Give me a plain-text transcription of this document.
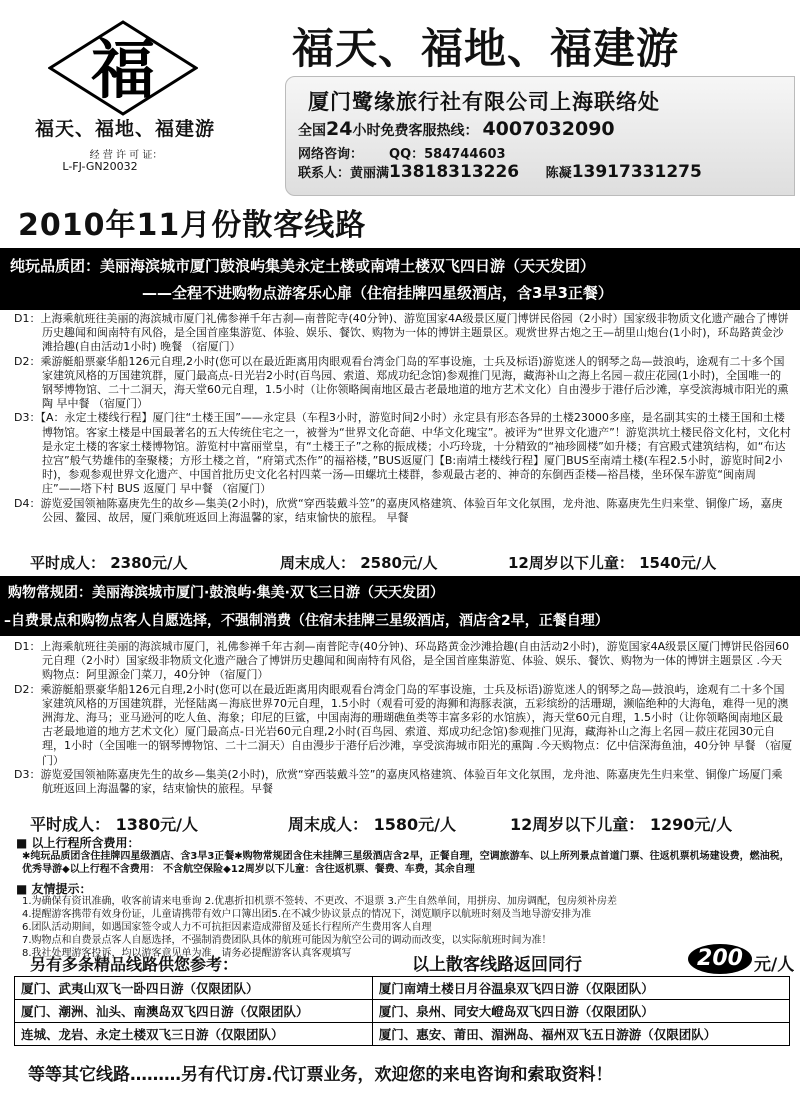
福
福天、福地、福建游
经 营 许 可 证：
L-FJ-GN20032
福天、福地、福建游
厦门鹭缘旅行社有限公司上海联络处
全国24小时免费客服热线： 4007032090
网络咨询： QQ：584744603
联系人：黄丽满13818313226 陈凝13917331275
2010年11月份散客线路
纯玩品质团：美丽海滨城市厦门鼓浪屿集美永定土楼或南靖土楼双飞四日游（天天发团）
——全程不进购物点游客乐心扉（住宿挂牌四星级酒店，含3早3正餐）
D1：上海乘航班往美丽的海滨城市厦门礼佛参禅千年古刹—南普陀寺(40分钟)、游览国家4A级景区厦门博饼民俗园（2小时）国家级非物质文化遗产融合了博饼历史趣闻和闽南特有风俗，是全国首座集游览、体验、娱乐、餐饮、购物为一体的博饼主题景区。观赏世界古炮之王—胡里山炮台(1小时)，环岛路黄金沙滩拾趣(自由活动1小时) 晚餐 （宿厦门）
D2：乘游艇船票豪华船126元自理,2小时(您可以在最近距离用肉眼观看台湾金门岛的军事设施，士兵及标语)游览迷人的钢琴之岛—鼓浪屿，途观有二十多个国家建筑风格的万国建筑群，厦门最高点-日光岩2小时(百鸟园、索道、郑成功纪念馆)参观推门见海，藏海补山之海上名园－菽庄花园(1小时)，全国唯一的钢琴博物馆、二十二洞天，海天堂60元自理，1.5小时（让你领略闽南地区最古老最地道的地方艺术文化）自由漫步于港仔后沙滩，享受滨海城市阳光的熏陶 早中餐 （宿厦门）
D3：【A：永定土楼线行程】厦门往“土楼王国”——永定县（车程3小时，游览时间2小时）永定县有形态各异的土楼23000多座，是名副其实的土楼王国和土楼博物馆。客家土楼是中国最著名的五大传统住宅之一，被誉为“世界文化奇葩、中华文化瑰宝”。被评为“世界文化遗产”！游览洪坑土楼民俗文化村，文化村是永定土楼的客家土楼博物馆。游览村中富丽堂皇，有“土楼王子”之称的振成楼；小巧玲珑，十分精致的“袖珍圆楼”如升楼；有宫殿式建筑结构，如“布达拉宫”般气势雄伟的奎聚楼；方形土楼之首，“府第式杰作”的福裕楼，”BUS返厦门【B:南靖土楼线行程】厦门BUS至南靖土楼(车程2.5小时，游览时间2小时)，参观参观世界文化遗产、中国首批历史文化名村四菜一汤—田螺坑土楼群，参观最古老的、神奇的东倒西歪楼—裕昌楼，坐环保车游览“闽南周庄”——塔下村 BUS 返厦门 早中餐 （宿厦门）
D4：游览爱国领袖陈嘉庚先生的故乡—集美(2小时)，欣赏“穿西装戴斗笠”的嘉庚风格建筑、体验百年文化氛围，龙舟池、陈嘉庚先生归来堂、铜像广场，嘉庚公园、鳌园、故居，厦门乘航班返回上海温馨的家，结束愉快的旅程。 早餐
平时成人： 2380元/人	周末成人： 2580元/人	12周岁以下儿童： 1540元/人
购物常规团：美丽海滨城市厦门·鼓浪屿·集美·双飞三日游（天天发团）
–自费景点和购物点客人自愿选择，不强制消费（住宿未挂牌三星级酒店，酒店含2早，正餐自理）
D1：上海乘航班往美丽的海滨城市厦门，礼佛参禅千年古刹—南普陀寺(40分钟)、环岛路黄金沙滩拾趣(自由活动2小时)，游览国家4A级景区厦门博饼民俗园60元自理（2小时）国家级非物质文化遗产融合了博饼历史趣闻和闽南特有风俗，是全国首座集游览、体验、娱乐、餐饮、购物为一体的博饼主题景区 .今天购物点：阿里源金门菜刀，40分钟 （宿厦门）
D2：乘游艇船票豪华船126元自理,2小时(您可以在最近距离用肉眼观看台湾金门岛的军事设施，士兵及标语)游览迷人的钢琴之岛—鼓浪屿，途观有二十多个国家建筑风格的万国建筑群，光怪陆离－海底世界70元自理，1.5小时（观看可爱的海狮和海豚表演，五彩缤纷的活珊瑚，濒临绝种的大海龟，难得一见的澳洲海龙、海马；亚马逊河的吃人鱼、海象；印尼的巨鲨，中国南海的珊瑚礁鱼类等丰富多彩的水馆族），海天堂60元自理，1.5小时（让你领略闽南地区最古老最地道的地方艺术文化）厦门最高点-日光岩60元自理,2小时(百鸟园、索道、郑成功纪念馆)参观推门见海，藏海补山之海上名园－菽庄花园30元自理，1小时（全国唯一的钢琴博物馆、二十二洞天）自由漫步于港仔后沙滩，享受滨海城市阳光的熏陶 .今天购物点：亿中信深海鱼油，40分钟 早餐 （宿厦门）
D3：游览爱国领袖陈嘉庚先生的故乡—集美(2小时)，欣赏“穿西装戴斗笠”的嘉庚风格建筑、体验百年文化氛围，龙舟池、陈嘉庚先生归来堂、铜像广场厦门乘航班返回上海温馨的家，结束愉快的旅程。早餐
平时成人： 1380元/人	周末成人： 1580元/人	12周岁以下儿童： 1290元/人
■ 以上行程所含费用：
✱纯玩品质团含住挂牌四星级酒店、含3早3正餐✱购物常规团含住未挂牌三星级酒店含2早，正餐自理，空调旅游车、以上所列景点首道门票、往返机票机场建设费，燃油税，优秀导游◆以上行程不含费用： 不含航空保险◆12周岁以下儿童：含往返机票、餐费、车费，其余自理
■ 友情提示：
1.为确保有资讯准确，收客前请来电垂询 2.优惠折扣机票不签转、不更改、不退票 3.产生自然单间，用拼房、加房调配，包房须补房差
4.提醒游客携带有效身份证，儿童请携带有效户口簿出团5.在不减少协议景点的情况下，浏览顺序以航班时刻及当地导游安排为准
6.团队活动期间，如遇国家签令或人力不可抗拒因素造成滞留及延长行程所产生费用客人自理
7.购物点和自费景点客人自愿选择，不强制消费团队具体的航班可能因为航空公司的调动而改变，以实际航班时间为准！
8.我社处理游客投诉，均以游客意见单为准，请务必提醒游客认真客观填写
另有多条精品线路供您参考：	以上散客线路返回同行	200 元/人
厦门、武夷山双飞一卧四日游（仅限团队）	厦门南靖土楼日月谷温泉双飞四日游（仅限团队）
厦门、潮洲、汕头、南澳岛双飞四日游（仅限团队）	厦门、泉州、同安大嶝岛双飞四日游（仅限团队）
连城、龙岩、永定土楼双飞三日游（仅限团队）	厦门、惠安、莆田、湄洲岛、福州双飞五日游游（仅限团队）
等等其它线路………另有代订房.代订票业务，欢迎您的来电咨询和索取资料！
